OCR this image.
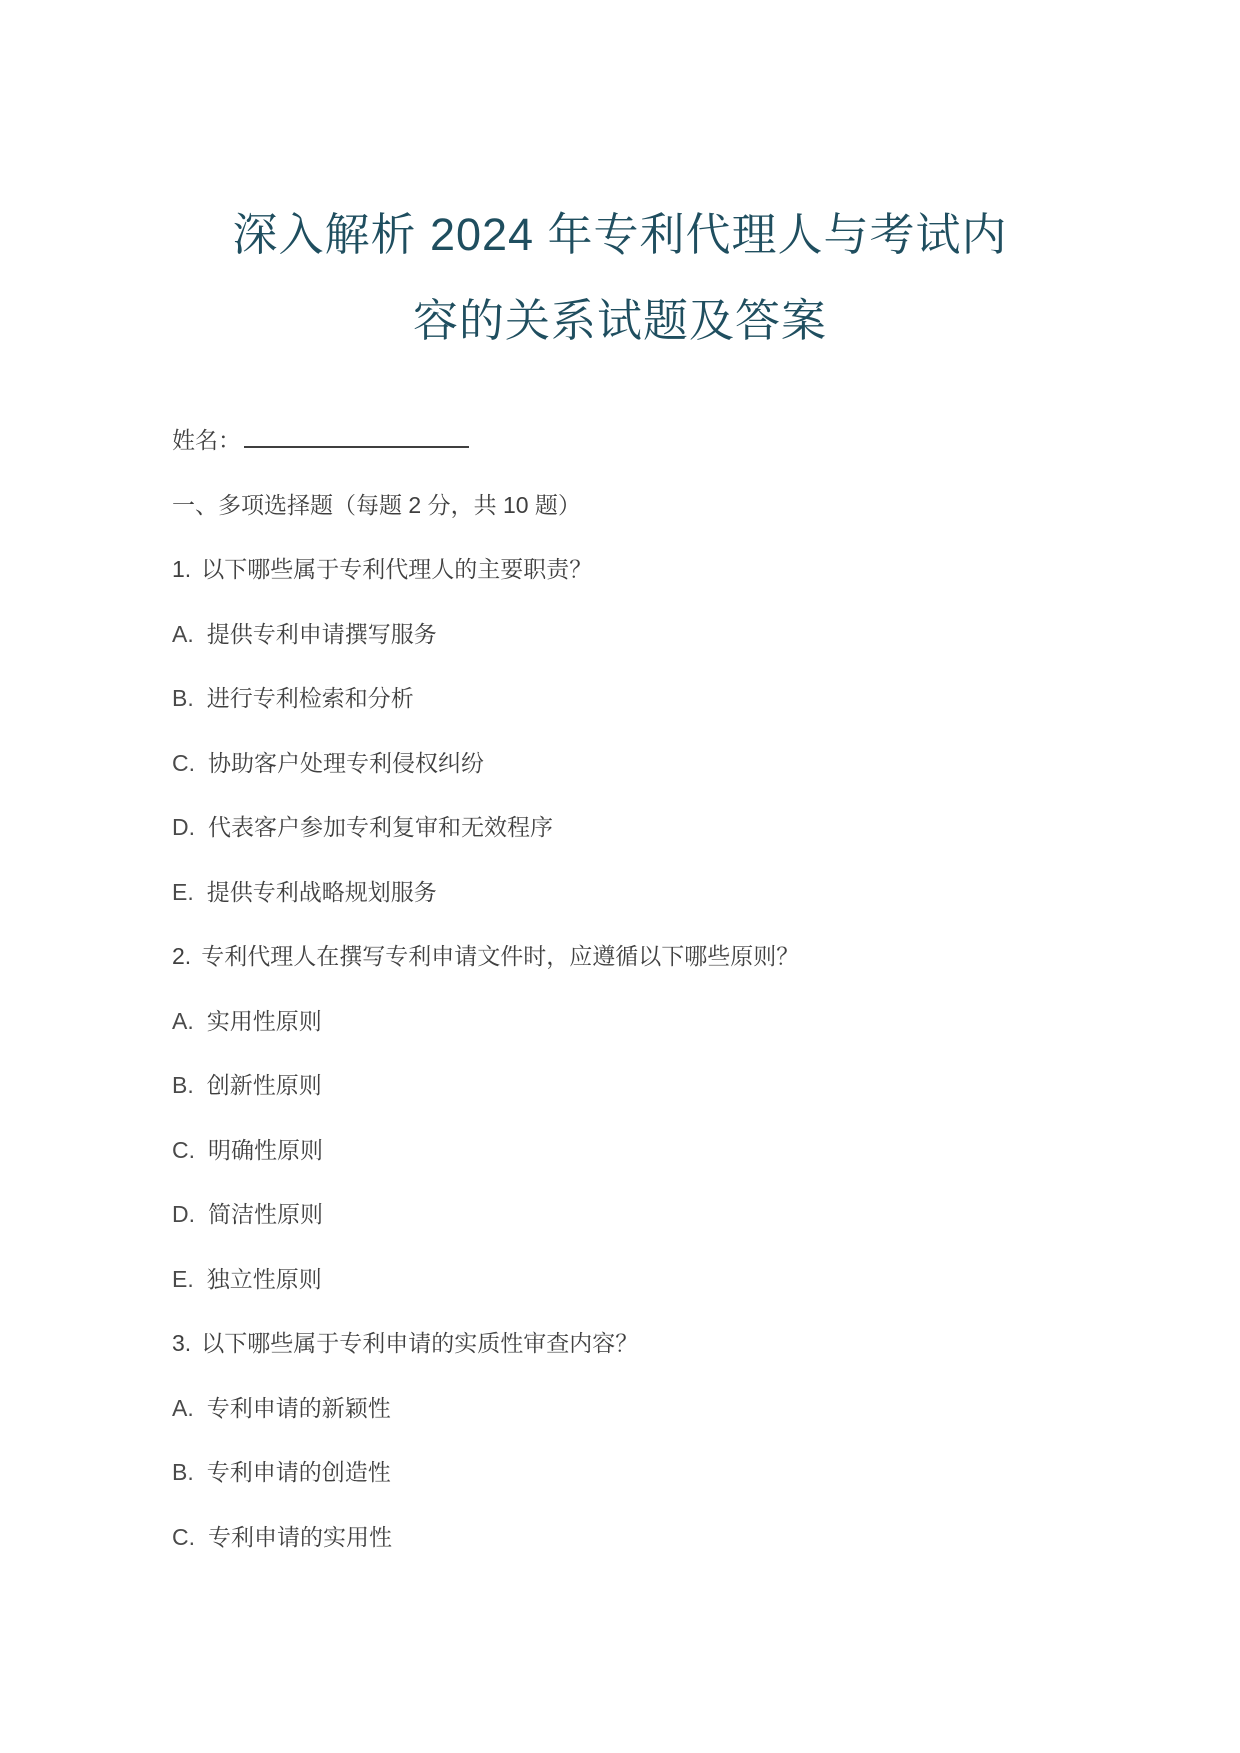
深入解析 2024 年专利代理人与考试内
容的关系试题及答案

姓名：

一、多项选择题（每题 2 分，共 10 题）

1. 以下哪些属于专利代理人的主要职责？

A. 提供专利申请撰写服务

B. 进行专利检索和分析

C. 协助客户处理专利侵权纠纷

D. 代表客户参加专利复审和无效程序

E. 提供专利战略规划服务

2. 专利代理人在撰写专利申请文件时，应遵循以下哪些原则？

A. 实用性原则

B. 创新性原则

C. 明确性原则

D. 简洁性原则

E. 独立性原则

3. 以下哪些属于专利申请的实质性审查内容？

A. 专利申请的新颖性

B. 专利申请的创造性

C. 专利申请的实用性
